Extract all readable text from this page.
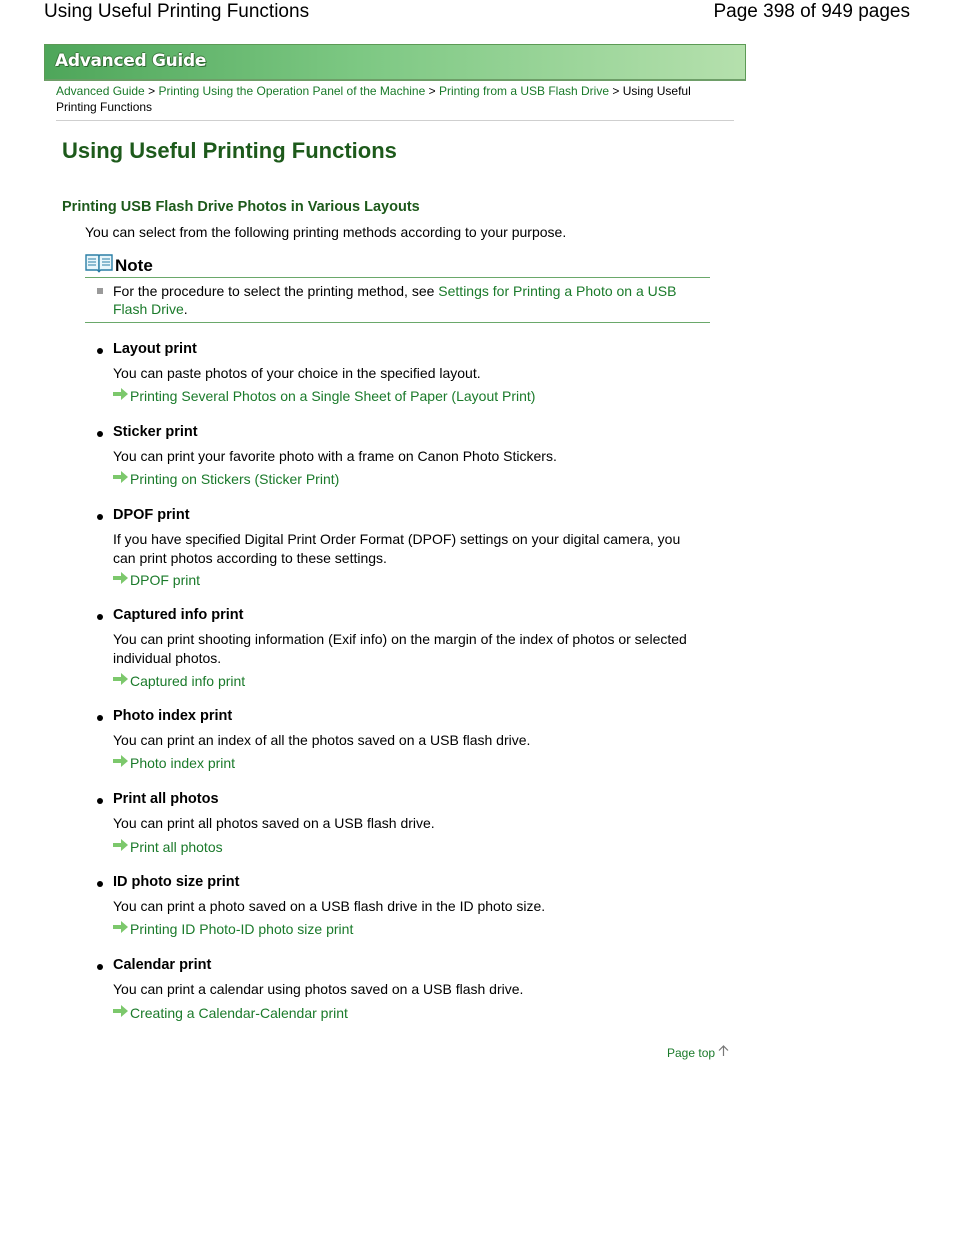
Using Useful Printing Functions	Page 398 of 949 pages
Advanced Guide
Advanced Guide > Printing Using the Operation Panel of the Machine > Printing from a USB Flash Drive > Using Useful Printing Functions
Using Useful Printing Functions
Printing USB Flash Drive Photos in Various Layouts
You can select from the following printing methods according to your purpose.
Note
For the procedure to select the printing method, see Settings for Printing a Photo on a USB Flash Drive.
Layout print
You can paste photos of your choice in the specified layout.
Printing Several Photos on a Single Sheet of Paper (Layout Print)
Sticker print
You can print your favorite photo with a frame on Canon Photo Stickers.
Printing on Stickers (Sticker Print)
DPOF print
If you have specified Digital Print Order Format (DPOF) settings on your digital camera, you can print photos according to these settings.
DPOF print
Captured info print
You can print shooting information (Exif info) on the margin of the index of photos or selected individual photos.
Captured info print
Photo index print
You can print an index of all the photos saved on a USB flash drive.
Photo index print
Print all photos
You can print all photos saved on a USB flash drive.
Print all photos
ID photo size print
You can print a photo saved on a USB flash drive in the ID photo size.
Printing ID Photo-ID photo size print
Calendar print
You can print a calendar using photos saved on a USB flash drive.
Creating a Calendar-Calendar print
Page top
